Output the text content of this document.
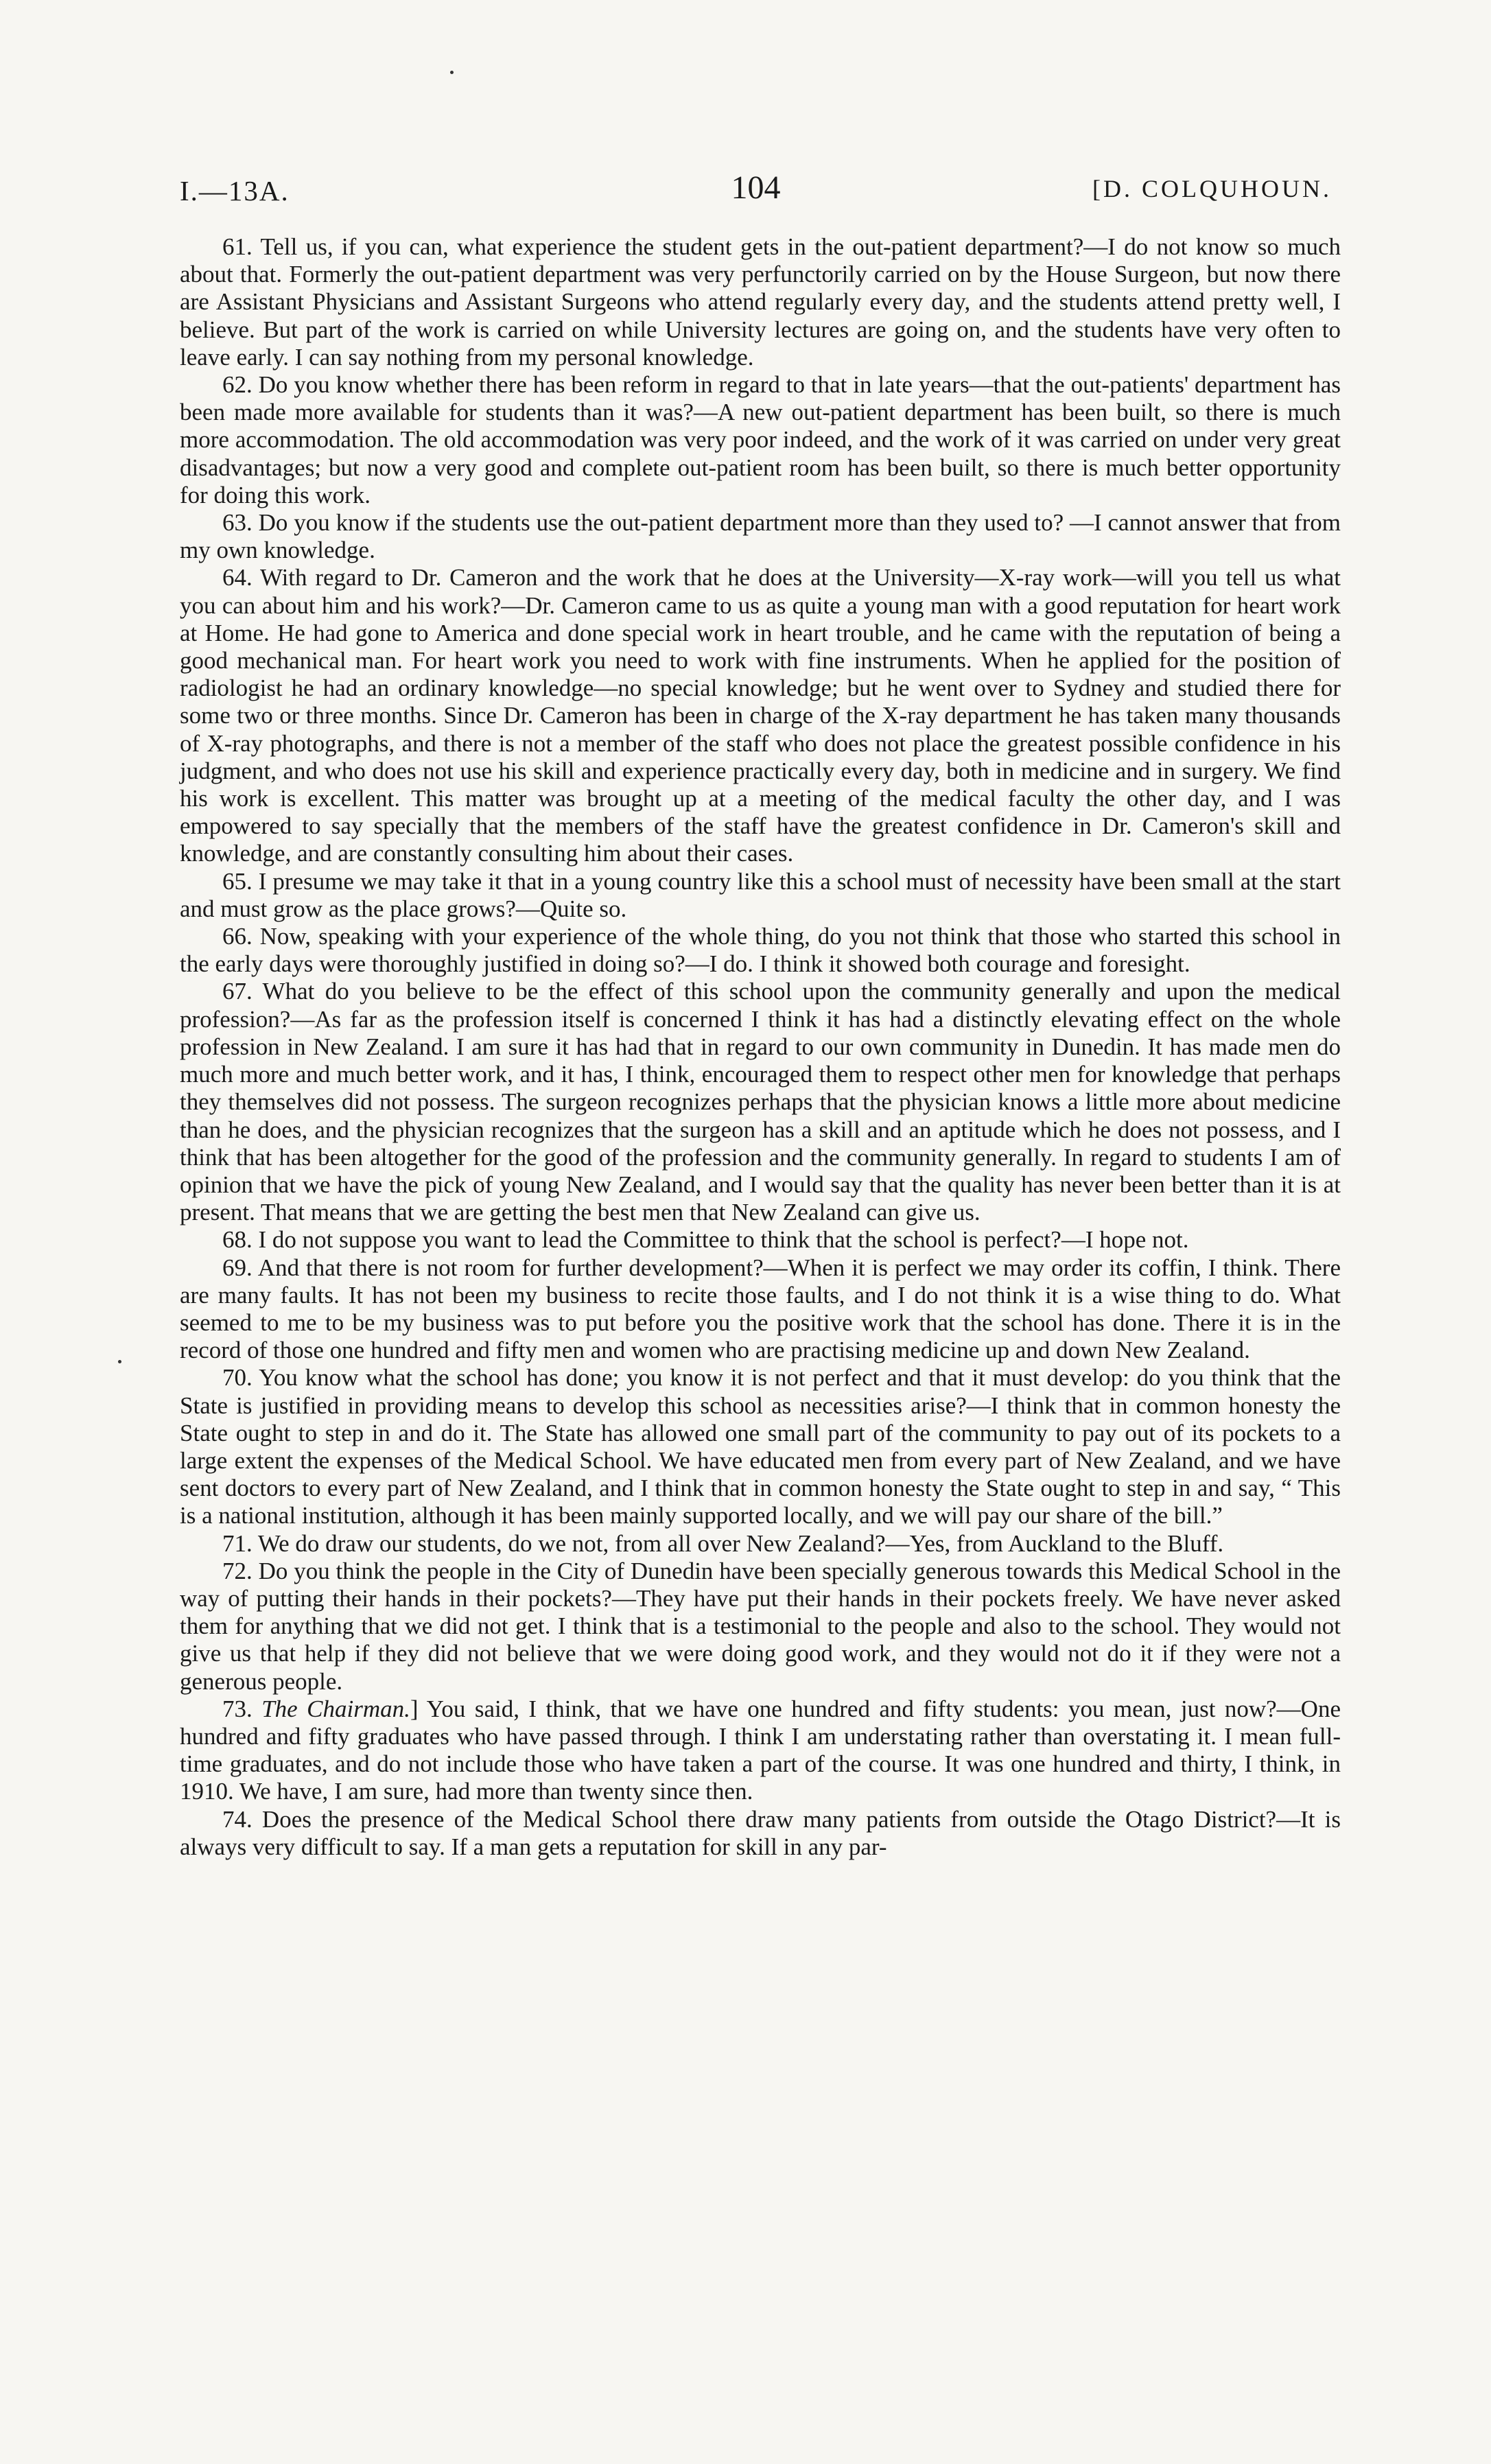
I.—13A.	104	[D. COLQUHOUN.

61. Tell us, if you can, what experience the student gets in the out-patient department?—I do not know so much about that. Formerly the out-patient department was very perfunctorily carried on by the House Surgeon, but now there are Assistant Physicians and Assistant Surgeons who attend regularly every day, and the students attend pretty well, I believe. But part of the work is carried on while University lectures are going on, and the students have very often to leave early. I can say nothing from my personal knowledge.

62. Do you know whether there has been reform in regard to that in late years—that the out-patients' department has been made more available for students than it was?—A new out-patient department has been built, so there is much more accommodation. The old accommodation was very poor indeed, and the work of it was carried on under very great disadvantages; but now a very good and complete out-patient room has been built, so there is much better opportunity for doing this work.

63. Do you know if the students use the out-patient department more than they used to? —I cannot answer that from my own knowledge.

64. With regard to Dr. Cameron and the work that he does at the University—X-ray work—will you tell us what you can about him and his work?—Dr. Cameron came to us as quite a young man with a good reputation for heart work at Home. He had gone to America and done special work in heart trouble, and he came with the reputation of being a good mechanical man. For heart work you need to work with fine instruments. When he applied for the position of radiologist he had an ordinary knowledge—no special knowledge; but he went over to Sydney and studied there for some two or three months. Since Dr. Cameron has been in charge of the X-ray department he has taken many thousands of X-ray photographs, and there is not a member of the staff who does not place the greatest possible confidence in his judgment, and who does not use his skill and experience practically every day, both in medicine and in surgery. We find his work is excellent. This matter was brought up at a meeting of the medical faculty the other day, and I was empowered to say specially that the members of the staff have the greatest confidence in Dr. Cameron's skill and knowledge, and are constantly consulting him about their cases.

65. I presume we may take it that in a young country like this a school must of necessity have been small at the start and must grow as the place grows?—Quite so.

66. Now, speaking with your experience of the whole thing, do you not think that those who started this school in the early days were thoroughly justified in doing so?—I do. I think it showed both courage and foresight.

67. What do you believe to be the effect of this school upon the community generally and upon the medical profession?—As far as the profession itself is concerned I think it has had a distinctly elevating effect on the whole profession in New Zealand. I am sure it has had that in regard to our own community in Dunedin. It has made men do much more and much better work, and it has, I think, encouraged them to respect other men for knowledge that perhaps they themselves did not possess. The surgeon recognizes perhaps that the physician knows a little more about medicine than he does, and the physician recognizes that the surgeon has a skill and an aptitude which he does not possess, and I think that has been altogether for the good of the profession and the community generally. In regard to students I am of opinion that we have the pick of young New Zealand, and I would say that the quality has never been better than it is at present. That means that we are getting the best men that New Zealand can give us.

68. I do not suppose you want to lead the Committee to think that the school is perfect?—I hope not.

69. And that there is not room for further development?—When it is perfect we may order its coffin, I think. There are many faults. It has not been my business to recite those faults, and I do not think it is a wise thing to do. What seemed to me to be my business was to put before you the positive work that the school has done. There it is in the record of those one hundred and fifty men and women who are practising medicine up and down New Zealand.

70. You know what the school has done; you know it is not perfect and that it must develop: do you think that the State is justified in providing means to develop this school as necessities arise?—I think that in common honesty the State ought to step in and do it. The State has allowed one small part of the community to pay out of its pockets to a large extent the expenses of the Medical School. We have educated men from every part of New Zealand, and we have sent doctors to every part of New Zealand, and I think that in common honesty the State ought to step in and say, “ This is a national institution, although it has been mainly supported locally, and we will pay our share of the bill.”

71. We do draw our students, do we not, from all over New Zealand?—Yes, from Auckland to the Bluff.

72. Do you think the people in the City of Dunedin have been specially generous towards this Medical School in the way of putting their hands in their pockets?—They have put their hands in their pockets freely. We have never asked them for anything that we did not get. I think that is a testimonial to the people and also to the school. They would not give us that help if they did not believe that we were doing good work, and they would not do it if they were not a generous people.

73. The Chairman.] You said, I think, that we have one hundred and fifty students: you mean, just now?—One hundred and fifty graduates who have passed through. I think I am understating rather than overstating it. I mean full-time graduates, and do not include those who have taken a part of the course. It was one hundred and thirty, I think, in 1910. We have, I am sure, had more than twenty since then.

74. Does the presence of the Medical School there draw many patients from outside the Otago District?—It is always very difficult to say. If a man gets a reputation for skill in any par-
